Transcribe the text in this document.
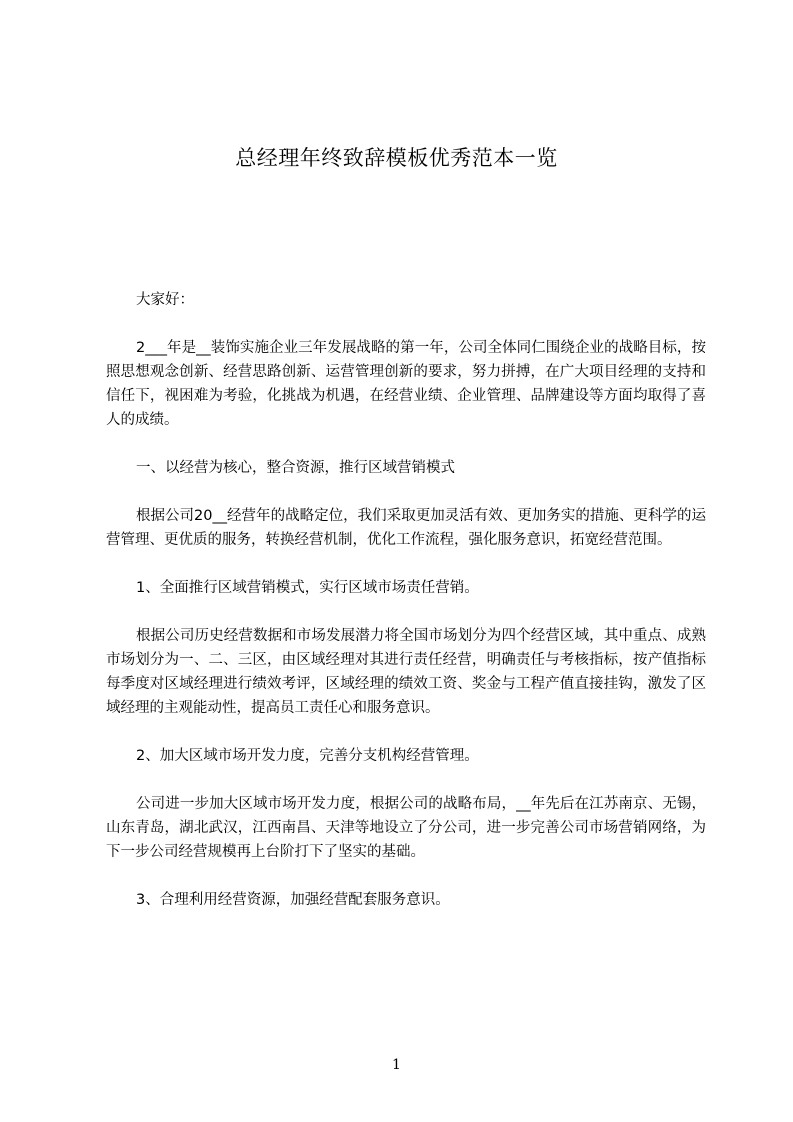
总经理年终致辞模板优秀范本一览

大家好：

2___年是__装饰实施企业三年发展战略的第一年，公司全体同仁围绕企业的战略目标，按照思想观念创新、经营思路创新、运营管理创新的要求，努力拼搏，在广大项目经理的支持和信任下，视困难为考验，化挑战为机遇，在经营业绩、企业管理、品牌建设等方面均取得了喜人的成绩。

一、以经营为核心，整合资源，推行区域营销模式

根据公司20__经营年的战略定位，我们采取更加灵活有效、更加务实的措施、更科学的运营管理、更优质的服务，转换经营机制，优化工作流程，强化服务意识，拓宽经营范围。

1、全面推行区域营销模式，实行区域市场责任营销。

根据公司历史经营数据和市场发展潜力将全国市场划分为四个经营区域，其中重点、成熟市场划分为一、二、三区，由区域经理对其进行责任经营，明确责任与考核指标，按产值指标每季度对区域经理进行绩效考评，区域经理的绩效工资、奖金与工程产值直接挂钩，激发了区域经理的主观能动性，提高员工责任心和服务意识。

2、加大区域市场开发力度，完善分支机构经营管理。

公司进一步加大区域市场开发力度，根据公司的战略布局，__年先后在江苏南京、无锡，山东青岛，湖北武汉，江西南昌、天津等地设立了分公司，进一步完善公司市场营销网络，为下一步公司经营规模再上台阶打下了坚实的基础。

3、合理利用经营资源，加强经营配套服务意识。

1
